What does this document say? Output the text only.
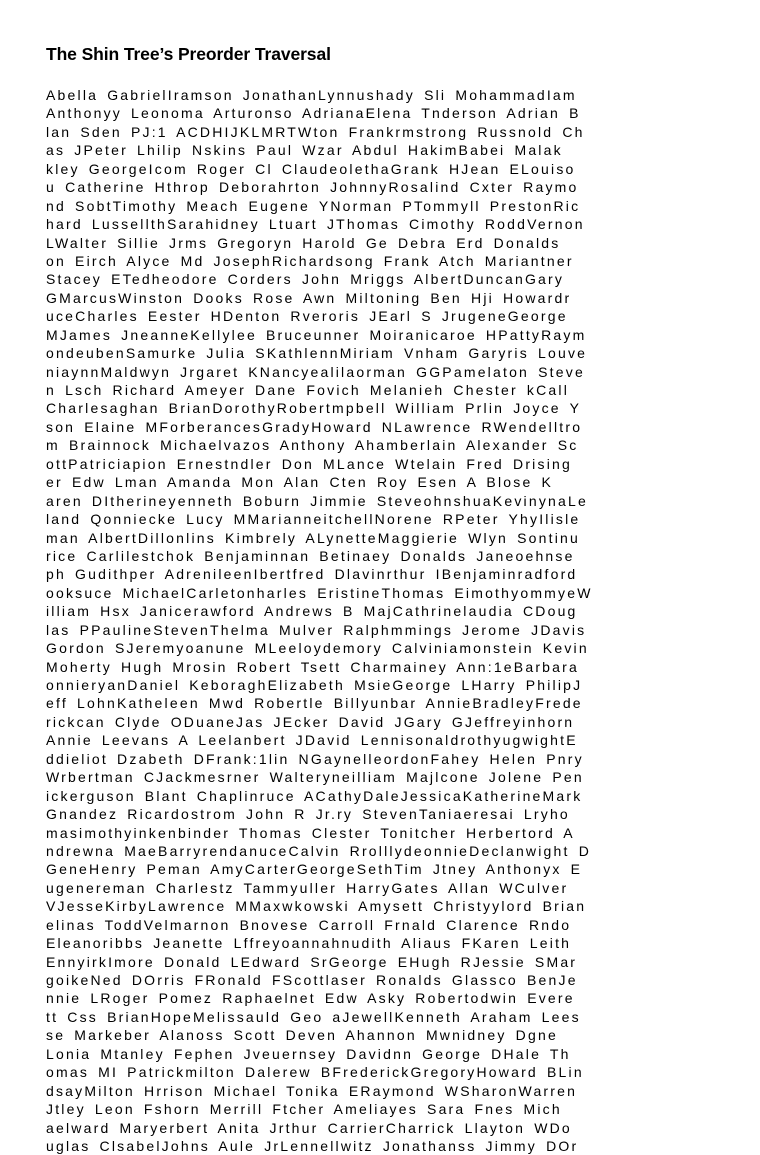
The Shin Tree’s Preorder Traversal
Abella GabrielIramson JonathanLynnushady Sli MohammadIam
Anthonyy Leonoma Arturonso AdrianaElena Tnderson Adrian B
lan Sden PJ:1 ACDHIJKLMRTWton Frankrmstrong Russnold Ch
as JPeter Lhilip Nskins Paul Wzar Abdul HakimBabei Malak
kley GeorgeIcom Roger Cl ClaudeolethaGrank HJean ELouiso
u Catherine Hthrop Deborahrton JohnnyRosalind Cxter Raymo
nd SobtTimothy Meach Eugene YNorman PTommyll PrestonRic
hard LussellthSarahidney Ltuart JThomas Cimothy RoddVernon
LWalter Sillie Jrms Gregoryn Harold Ge Debra Erd Donalds
on Eirch Alyce Md JosephRichardsong Frank Atch Mariantner
Stacey ETedheodore Corders John Mriggs AlbertDuncanGary
GMarcusWinston Dooks Rose Awn Miltoning Ben Hji Howardr
uceCharles Eester HDenton Rveroris JEarl S JrugeneGeorge
MJames JneanneKellylee Bruceunner Moiranicaroe HPattyRaym
ondeubenSamurke Julia SKathlennMiriam Vnham Garyris Louve
niaynnMaldwyn Jrgaret KNancyealilaorman GGPamelaton Steve
n Lsch Richard Ameyer Dane Fovich Melanieh Chester kCall
Charlesaghan BrianDorothyRobertmpbell William Prlin Joyce Y
son Elaine MForberancesGradyHoward NLawrence RWendelltro
m Brainnock Michaelvazos Anthony Ahamberlain Alexander Sc
ottPatriciapion Ernestndler Don MLance Wtelain Fred Drising
er Edw Lman Amanda Mon Alan Cten Roy Esen A Blose K
aren DItherineyenneth Boburn Jimmie SteveohnshuaKevinynaLe
land Qonniecke Lucy MMarianneitchellNorene RPeter YhyIlisle
man AlbertDillonlins Kimbrely ALynetteMaggierie Wlyn Sontinu
rice Carlilestchok Benjaminnan Betinaey Donalds Janeoehnse
ph Gudithper AdrenileenIbertfred Dlavinrthur IBenjaminradford
ooksuce MichaelCarletonharles EristineThomas EimothyommyeW
illiam Hsx Janicerawford Andrews B MajCathrinelaudia CDoug
las PPaulineStevenThelma Mulver Ralphmmings Jerome JDavis
Gordon SJeremyoanune MLeeloydemory Calviniamonstein Kevin
Moherty Hugh Mrosin Robert Tsett Charmainey Ann:1eBarbara
onnieryanDaniel KeboraghElizabeth MsieGeorge LHarry PhilipJ
eff LohnKatheleen Mwd Robertle Billyunbar AnnieBradleyFrede
rickcan Clyde ODuaneJas JEcker David JGary GJeffreyinhorn
Annie Leevans A Leelanbert JDavid LennisonaldrothyugwightE
ddieliot Dzabeth DFrank:1lin NGaynelleordonFahey Helen Pnry
Wrbertman CJackmesrner Walteryneilliam Majlcone Jolene Pen
ickerguson Blant Chaplinruce ACathyDaleJessicaKatherineMark
Gnandez Ricardostrom John R Jr.ry StevenTaniaeresai Lryho
masimothyinkenbinder Thomas Clester Tonitcher Herbertord A
ndrewna MaeBarryrendanuceCalvin RrolllydeonnieDeclanwight D
GeneHenry Peman AmyCarterGeorgeSethTim Jtney Anthonyx E
ugenereman Charlestz Tammyuller HarryGates Allan WCulver
VJesseKirbyLawrence MMaxwkowski Amysett Christyylord Brian
elinas ToddVelmarnon Bnovese Carroll Frnald Clarence Rndo
Eleanoribbs Jeanette Lffreyoannahnudith Aliaus FKaren Leith
EnnyirkImore Donald LEdward SrGeorge EHugh RJessie SMar
goikeNed DOrris FRonald FScottlaser Ronalds Glassco BenJe
nnie LRoger Pomez Raphaelnet Edw Asky Robertodwin Evere
tt Css BrianHopeMelissauld Geo aJewellKenneth Araham Lees
se Markeber Alanoss Scott Deven Ahannon Mwnidney Dgne
Lonia Mtanley Fephen Jveuernsey Davidnn George DHale Th
omas MI Patrickmilton Dalerew BFrederickGregoryHoward BLin
dsayMilton Hrrison Michael Tonika ERaymond WSharonWarren
Jtley Leon Fshorn Merrill Ftcher Ameliayes Sara Fnes Mich
aelward Maryerbert Anita Jrthur CarrierCharrick Llayton WDo
uglas ClsabelJohns Aule JrLennellwitz Jonathanss Jimmy DOr
